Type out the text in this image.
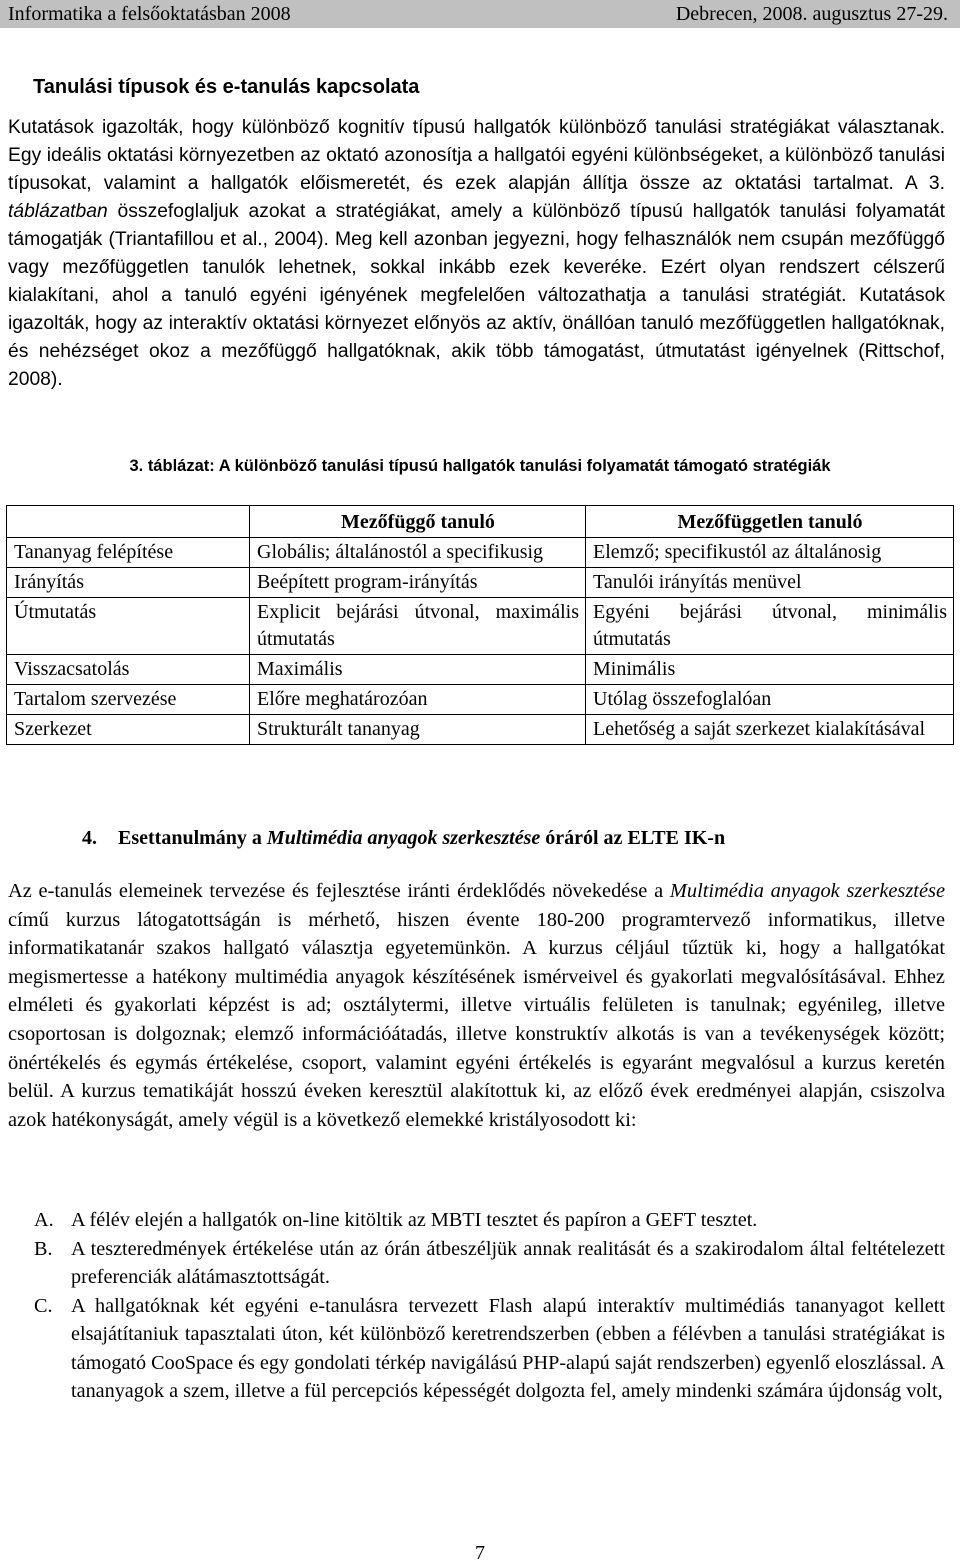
Informatika a felsőoktatásban 2008	Debrecen, 2008. augusztus 27-29.
Tanulási típusok és e-tanulás kapcsolata

Kutatások igazolták, hogy különböző kognitív típusú hallgatók különböző tanulási stratégiákat választanak. Egy ideális oktatási környezetben az oktató azonosítja a hallgatói egyéni különbségeket, a különböző tanulási típusokat, valamint a hallgatók előismeretét, és ezek alapján állítja össze az oktatási tartalmat. A 3. táblázatban összefoglaljuk azokat a stratégiákat, amely a különböző típusú hallgatók tanulási folyamatát támogatják (Triantafillou et al., 2004). Meg kell azonban jegyezni, hogy felhasználók nem csupán mezőfüggő vagy mezőfüggetlen tanulók lehetnek, sokkal inkább ezek keveréke. Ezért olyan rendszert célszerű kialakítani, ahol a tanuló egyéni igényének megfelelően változathatja a tanulási stratégiát. Kutatások igazolták, hogy az interaktív oktatási környezet előnyös az aktív, önállóan tanuló mezőfüggetlen hallgatóknak, és nehézséget okoz a mezőfüggő hallgatóknak, akik több támogatást, útmutatást igényelnek (Rittschof, 2008).

3. táblázat: A különböző tanulási típusú hallgatók tanulási folyamatát támogató stratégiák

	Mezőfüggő tanuló	Mezőfüggetlen tanuló
Tananyag felépítése	Globális; általánostól a specifikusig	Elemző; specifikustól az általánosig
Irányítás	Beépített program-irányítás	Tanulói irányítás menüvel
Útmutatás	Explicit bejárási útvonal, maximális útmutatás	Egyéni bejárási útvonal, minimális útmutatás
Visszacsatolás	Maximális	Minimális
Tartalom szervezése	Előre meghatározóan	Utólag összefoglalóan
Szerkezet	Strukturált tananyag	Lehetőség a saját szerkezet kialakításával
4. Esettanulmány a Multimédia anyagok szerkesztése óráról az ELTE IK-n

Az e-tanulás elemeinek tervezése és fejlesztése iránti érdeklődés növekedése a Multimédia anyagok szerkesztése című kurzus látogatottságán is mérhető, hiszen évente 180-200 programtervező informatikus, illetve informatikatanár szakos hallgató választja egyetemünkön. A kurzus céljául tűztük ki, hogy a hallgatókat megismertesse a hatékony multimédia anyagok készítésének ismérveivel és gyakorlati megvalósításával. Ehhez elméleti és gyakorlati képzést is ad; osztálytermi, illetve virtuális felületen is tanulnak; egyénileg, illetve csoportosan is dolgoznak; elemző információátadás, illetve konstruktív alkotás is van a tevékenységek között; önértékelés és egymás értékelése, csoport, valamint egyéni értékelés is egyaránt megvalósul a kurzus keretén belül. A kurzus tematikáját hosszú éveken keresztül alakítottuk ki, az előző évek eredményei alapján, csiszolva azok hatékonyságát, amely végül is a következő elemekké kristályosodott ki:

A. A félév elején a hallgatók on-line kitöltik az MBTI tesztet és papíron a GEFT tesztet.
B. A teszteredmények értékelése után az órán átbeszéljük annak realitását és a szakirodalom által feltételezett preferenciák alátámasztottságát.
C. A hallgatóknak két egyéni e-tanulásra tervezett Flash alapú interaktív multimédiás tananyagot kellett elsajátítaniuk tapasztalati úton, két különböző keretrendszerben (ebben a félévben a tanulási stratégiákat is támogató CooSpace és egy gondolati térkép navigálású PHP-alapú saját rendszerben) egyenlő eloszlással. A tananyagok a szem, illetve a fül percepciós képességét dolgozta fel, amely mindenki számára újdonság volt,
7
